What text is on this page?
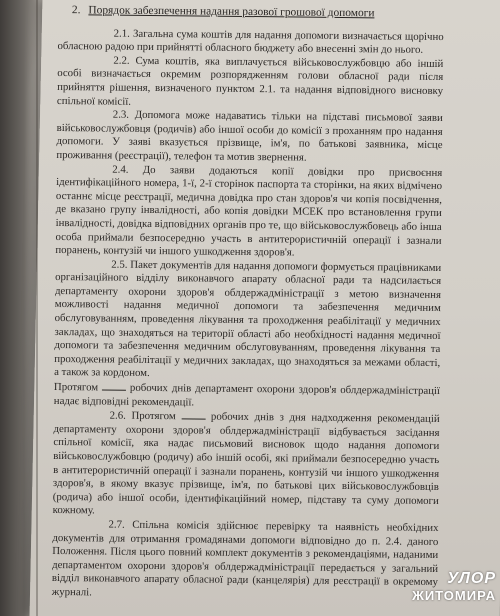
2. Порядок забезпечення надання разової грошової допомоги

2.1. Загальна сума коштів для надання допомоги визначається щорічно обласною радою при прийнятті обласного бюджету або внесенні змін до нього.

2.2. Сума коштів, яка виплачується військовослужбовцю або іншій особі визначається окремим розпорядженням голови обласної ради після прийняття рішення, визначеного пунктом 2.1. та надання відповідного висновку спільної комісії.

2.3. Допомога може надаватись тільки на підставі письмової заяви військовослужбовця (родичів) або іншої особи до комісії з проханням про надання допомоги. У заяві вказується прізвище, ім'я, по батькові заявника, місце проживання (реєстрації), телефон та мотив звернення.

2.4. До заяви додаються копії довідки про присвоєння ідентифікаційного номера, 1-ї, 2-ї сторінок паспорта та сторінки, на яких відмічено останнє місце реєстрації, медична довідка про стан здоров'я чи копія посвідчення, де вказано групу інвалідності, або копія довідки МСЕК про встановлення групи інвалідності, довідка відповідних органів про те, що військовослужбовець або інша особа приймали безпосередню участь в антитерористичній операції і зазнали поранень, контузій чи іншого ушкодження здоров'я.

2.5. Пакет документів для надання допомоги формується працівниками організаційного відділу виконавчого апарату обласної ради та надсилається департаменту охорони здоров'я облдержадміністрації з метою визначення можливості надання медичної допомоги та забезпечення медичним обслуговуванням, проведення лікування та проходження реабілітації у медичних закладах, що знаходяться на території області або необхідності надання медичної допомоги та забезпечення медичним обслуговуванням, проведення лікування та проходження реабілітації у медичних закладах, що знаходяться за межами області, а також за кордоном.

Протягом	робочих днів департамент охорони здоров'я облдержадміністрації надає відповідні рекомендації.

2.6. Протягом	робочих днів з дня надходження рекомендацій департаменту охорони здоров'я облдержадміністрації відбувається засідання спільної комісії, яка надає письмовий висновок щодо надання допомоги військовослужбовцю (родичу) або іншій особі, які приймали безпосередню участь в антитерористичній операції і зазнали поранень, контузій чи іншого ушкодження здоров'я, в якому вказує прізвище, ім'я, по батькові цих військовослужбовців (родича) або іншої особи, ідентифікаційний номер, підставу та суму допомоги кожному.

2.7. Спільна комісія здійснює перевірку та наявність необхідних документів для отримання громадянами допомоги відповідно до п. 2.4. даного Положення. Після цього повний комплект документів з рекомендаціями, наданими департаментом охорони здоров'я облдержадміністрації передається у загальний відділ виконавчого апарату обласної ради (канцелярія) для реєстрації в окремому журналі.

УЛОР
ЖИТОМИРА
